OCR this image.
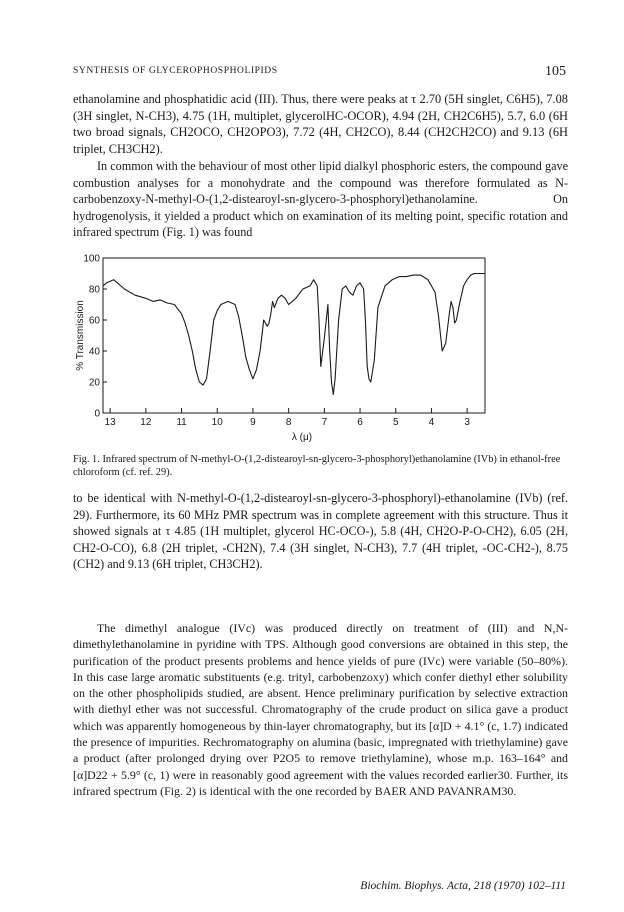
SYNTHESIS OF GLYCEROPHOSPHOLIPIDS	105

ethanolamine and phosphatidic acid (III). Thus, there were peaks at τ 2.70 (5H singlet, C6H5), 7.08 (3H singlet, N-CH3), 4.75 (1H, multiplet, glycerolHC-OCOR), 4.94 (2H, CH2C6H5), 5.7, 6.0 (6H two broad signals, CH2OCO, CH2OPO3), 7.72 (4H, CH2CO), 8.44 (CH2CH2CO) and 9.13 (6H triplet, CH3CH2).

In common with the behaviour of most other lipid dialkyl phosphoric esters, the compound gave combustion analyses for a monohydrate and the compound was therefore formulated as N-carbobenzoxy-N-methyl-O-(1,2-distearoyl-sn-glycero-3-phosphoryl)ethanolamine. On hydrogenolysis, it yielded a product which on examination of its melting point, specific rotation and infrared spectrum (Fig. 1) was found

0
20
40
60
80
100
13 12 11 10	9	8	7	6	5	4	3
% Transmission
λ (μ)

Fig. 1. Infrared spectrum of N-methyl-O-(1,2-distearoyl-sn-glycero-3-phosphoryl)ethanolamine (IVb) in ethanol-free chloroform (cf. ref. 29).

to be identical with N-methyl-O-(1,2-distearoyl-sn-glycero-3-phosphoryl)-ethanolamine (IVb) (ref. 29). Furthermore, its 60 MHz PMR spectrum was in complete agreement with this structure. Thus it showed signals at τ 4.85 (1H multiplet, glycerol HC-OCO-), 5.8 (4H, CH2O-P-O-CH2), 6.05 (2H, CH2-O-CO), 6.8 (2H triplet, -CH2N), 7.4 (3H singlet, N-CH3), 7.7 (4H triplet, -OC-CH2-), 8.75 (CH2) and 9.13 (6H triplet, CH3CH2).

The dimethyl analogue (IVc) was produced directly on treatment of (III) and N,N-dimethylethanolamine in pyridine with TPS. Although good conversions are obtained in this step, the purification of the product presents problems and hence yields of pure (IVc) were variable (50–80%). In this case large aromatic substituents (e.g. trityl, carbobenzoxy) which confer diethyl ether solubility on the other phospholipids studied, are absent. Hence preliminary purification by selective extraction with diethyl ether was not successful. Chromatography of the crude product on silica gave a product which was apparently homogeneous by thin-layer chromatography, but its [α]D + 4.1° (c, 1.7) indicated the presence of impurities. Rechromatography on alumina (basic, impregnated with triethylamine) gave a product (after prolonged drying over P2O5 to remove triethylamine), whose m.p. 163–164° and [α]D22 + 5.9° (c, 1) were in reasonably good agreement with the values recorded earlier30. Further, its infrared spectrum (Fig. 2) is identical with the one recorded by BAER AND PAVANRAM30.

Biochim. Biophys. Acta, 218 (1970) 102–111
